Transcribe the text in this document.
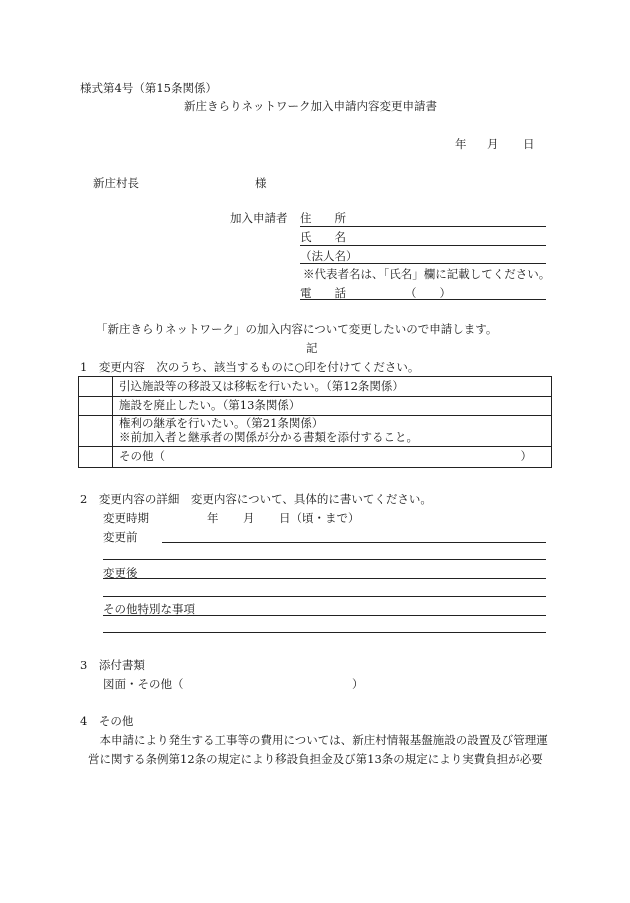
様式第4号（第15条関係）
新庄きらりネットワーク加入申請内容変更申請書
年 月 日
新庄村長	様
加入申請者 住　　所
氏　　名
（法人名）
※代表者名は、「氏名」欄に記載してください。
電　　話	（　　）
「新庄きらりネットワーク」の加入内容について変更したいので申請します。
記
1　変更内容　次のうち、該当するものに○印を付けてください。
	引込施設等の移設又は移転を行いたい。（第12条関係）
	施設を廃止したい。（第13条関係）

	権利の継承を行いたい。（第21条関係）
※前加入者と継承者の関係が分かる書類を添付すること。

	その他（ ）
2　変更内容の詳細　変更内容について、具体的に書いてください。
変更時期	年 月 日（頃・まで）
変更前
変更後
その他特別な事項
3　添付書類
図面・その他（	）
4　その他
　本申請により発生する工事等の費用については、新庄村情報基盤施設の設置及び管理運営に関する条例第12条の規定により移設負担金及び第13条の規定により実費負担が必要
